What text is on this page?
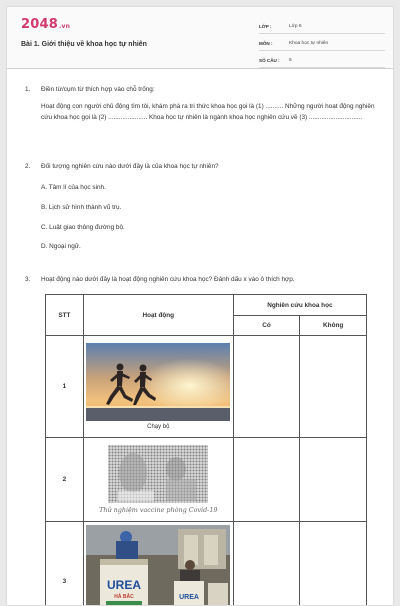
2048.vn
Bài 1. Giới thiệu về khoa học tự nhiên
LỚP :	Lớp 6
MÔN :	Khoa học tự nhiên
SỐ CÂU :	5
1. Điền từ/cụm từ thích hợp vào chỗ trống:
Hoạt động con người chủ động tìm tòi, khám phá ra tri thức khoa học gọi là (1) .......... Những người hoạt động nghiên cứu khoa học gọi là (2) ...................... Khoa học tự nhiên là ngành khoa học nghiên cứu về (3) ..............................
2. Đối tượng nghiên cứu nào dưới đây là của khoa học tự nhiên?
A. Tâm lí của học sinh.
B. Lịch sử hình thành vũ trụ.
C. Luật giao thông đường bộ.
D. Ngoại ngữ.
3. Hoạt động nào dưới đây là hoạt động nghiên cứu khoa học? Đánh dấu x vào ô thích hợp.
STT	Hoạt động	Nghiên cứu khoa học	
		Có	Không
1	Chạy bộ		

2	Thử nghiệm vaccine phòng Covid-19		

3	UREA
HÀ BẮC UREA		
